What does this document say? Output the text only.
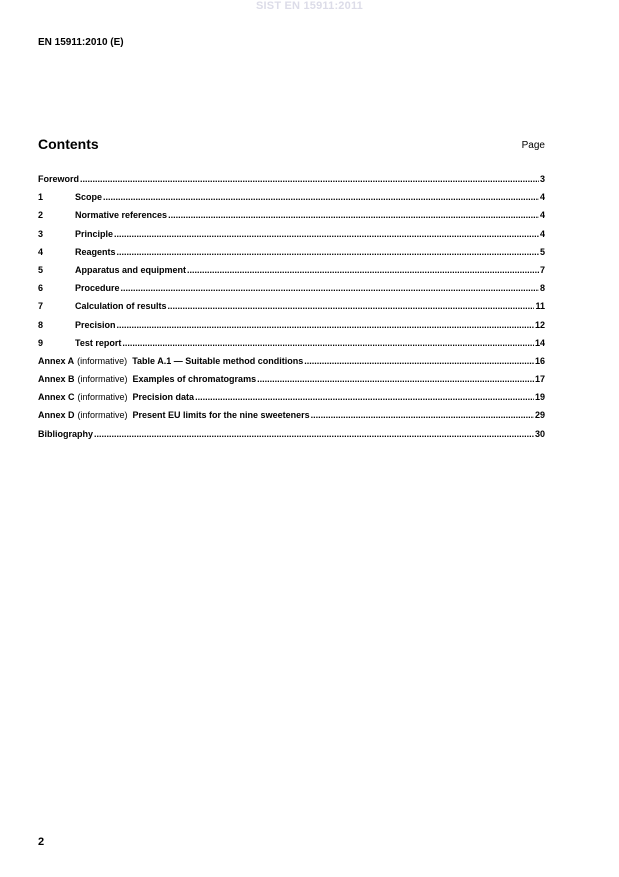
SIST EN 15911:2011
EN 15911:2010 (E)
Contents	Page
Foreword .....	3
1	Scope .....	4
2	Normative references .....	4
3	Principle .....	4
4	Reagents .....	5
5	Apparatus and equipment .....	7
6	Procedure .....	8
7	Calculation of results .....	11
8	Precision .....	12
9	Test report .....	14
Annex A (informative) Table A.1 — Suitable method conditions .....	16
Annex B (informative) Examples of chromatograms .....	17
Annex C (informative) Precision data .....	19
Annex D (informative) Present EU limits for the nine sweeteners .....	29
Bibliography .....	30
2
